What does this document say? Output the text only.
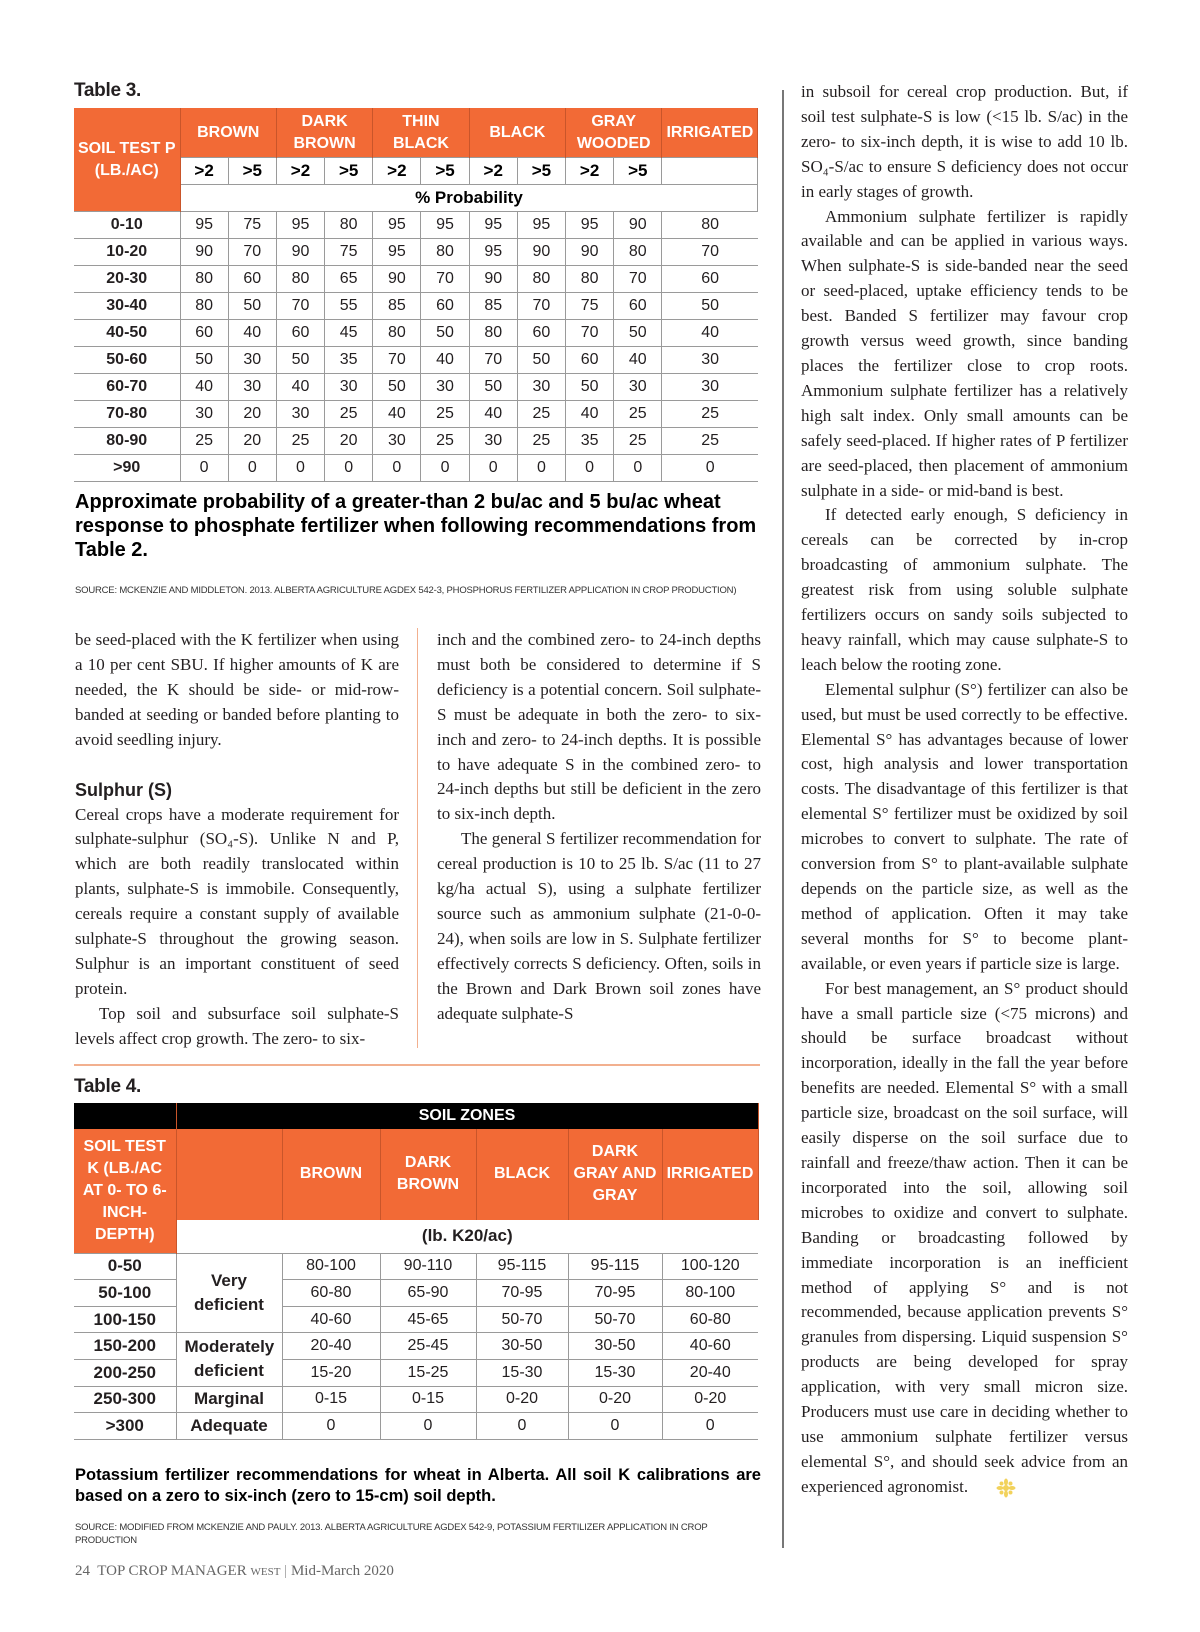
Table 3.
SOIL TEST P (LB./AC)	BROWN		DARK BROWN		THIN BLACK		BLACK		GRAY WOODED		IRRIGATED
	>2	>5	>2	>5	>2	>5	>2	>5	>2	>5	
	% Probability										
0-10	95	75	95	80	95	95	95	95	95	90	80
10-20	90	70	90	75	95	80	95	90	90	80	70
20-30	80	60	80	65	90	70	90	80	80	70	60
30-40	80	50	70	55	85	60	85	70	75	60	50
40-50	60	40	60	45	80	50	80	60	70	50	40
50-60	50	30	50	35	70	40	70	50	60	40	30
60-70	40	30	40	30	50	30	50	30	50	30	30
70-80	30	20	30	25	40	25	40	25	40	25	25
80-90	25	20	25	20	30	25	30	25	35	25	25
>90	0	0	0	0	0	0	0	0	0	0	0
Approximate probability of a greater-than 2 bu/ac and 5 bu/ac wheat response to phosphate fertilizer when following recommendations from Table 2.
SOURCE: MCKENZIE AND MIDDLETON. 2013. ALBERTA AGRICULTURE AGDEX 542-3, PHOSPHORUS FERTILIZER APPLICATION IN CROP PRODUCTION)

be seed-placed with the K fertilizer when using a 10 per cent SBU. If higher amounts of K are needed, the K should be side- or mid-row-banded at seeding or banded before planting to avoid seedling injury.

Sulphur (S)

Cereal crops have a moderate requirement for sulphate-sulphur (SO₄-S). Unlike N and P, which are both readily translocated within plants, sulphate-S is immobile. Consequently, cereals require a constant supply of available sulphate-S throughout the growing season. Sulphur is an important constituent of seed protein.

Top soil and subsurface soil sulphate-S levels affect crop growth. The zero- to six-

inch and the combined zero- to 24-inch depths must both be considered to determine if S deficiency is a potential concern. Soil sulphate-S must be adequate in both the zero- to six-inch and zero- to 24-inch depths. It is possible to have adequate S in the combined zero- to 24-inch depths but still be deficient in the zero to six-inch depth.

The general S fertilizer recommendation for cereal production is 10 to 25 lb. S/ac (11 to 27 kg/ha actual S), using a sulphate fertilizer source such as ammonium sulphate (21-0-0-24), when soils are low in S. Sulphate fertilizer effectively corrects S deficiency. Often, soils in the Brown and Dark Brown soil zones have adequate sulphate-S

Table 4.
	SOIL ZONES					
SOIL TEST K (LB./AC AT 0- TO 6-INCH- DEPTH)		BROWN	DARK BROWN	BLACK	DARK GRAY AND GRAY	IRRIGATED
	(lb. K20/ac)					
0-50	Very deficient	80-100	90-110	95-115	95-115	100-120
50-100		60-80	65-90	70-95	70-95	80-100
100-150		40-60	45-65	50-70	50-70	60-80
150-200	Moderately deficient	20-40	25-45	30-50	30-50	40-60
200-250		15-20	15-25	15-30	15-30	20-40
250-300	Marginal	0-15	0-15	0-20	0-20	0-20
>300	Adequate	0	0	0	0	0
Potassium fertilizer recommendations for wheat in Alberta. All soil K calibrations are based on a zero to six-inch (zero to 15-cm) soil depth.
SOURCE: MODIFIED FROM MCKENZIE AND PAULY. 2013. ALBERTA AGRICULTURE AGDEX 542-9, POTASSIUM FERTILIZER APPLICATION IN CROP PRODUCTION
24 TOP CROP MANAGER WEST | Mid-March 2020

in subsoil for cereal crop production. But, if soil test sulphate-S is low (<15 lb. S/ac) in the zero- to six-inch depth, it is wise to add 10 lb. SO₄-S/ac to ensure S deficiency does not occur in early stages of growth.

Ammonium sulphate fertilizer is rapidly available and can be applied in various ways. When sulphate-S is side-banded near the seed or seed-placed, uptake efficiency tends to be best. Banded S fertilizer may favour crop growth versus weed growth, since banding places the fertilizer close to crop roots. Ammonium sulphate fertilizer has a relatively high salt index. Only small amounts can be safely seed-placed. If higher rates of P fertilizer are seed-placed, then placement of ammonium sulphate in a side- or mid-band is best.

If detected early enough, S deficiency in cereals can be corrected by in-crop broadcasting of ammonium sulphate. The greatest risk from using soluble sulphate fertilizers occurs on sandy soils subjected to heavy rainfall, which may cause sulphate-S to leach below the rooting zone.

Elemental sulphur (S°) fertilizer can also be used, but must be used correctly to be effective. Elemental S° has advantages because of lower cost, high analysis and lower transportation costs. The disadvantage of this fertilizer is that elemental S° fertilizer must be oxidized by soil microbes to convert to sulphate. The rate of conversion from S° to plant-available sulphate depends on the particle size, as well as the method of application. Often it may take several months for S° to become plant-available, or even years if particle size is large.

For best management, an S° product should have a small particle size (<75 microns) and should be surface broadcast without incorporation, ideally in the fall the year before benefits are needed. Elemental S° with a small particle size, broadcast on the soil surface, will easily disperse on the soil surface due to rainfall and freeze/thaw action. Then it can be incorporated into the soil, allowing soil microbes to oxidize and convert to sulphate. Banding or broadcasting followed by immediate incorporation is an inefficient method of applying S° and is not recommended, because application prevents S° granules from dispersing. Liquid suspension S° products are being developed for spray application, with very small micron size. Producers must use care in deciding whether to use ammonium sulphate fertilizer versus elemental S°, and should seek advice from an experienced agronomist.
